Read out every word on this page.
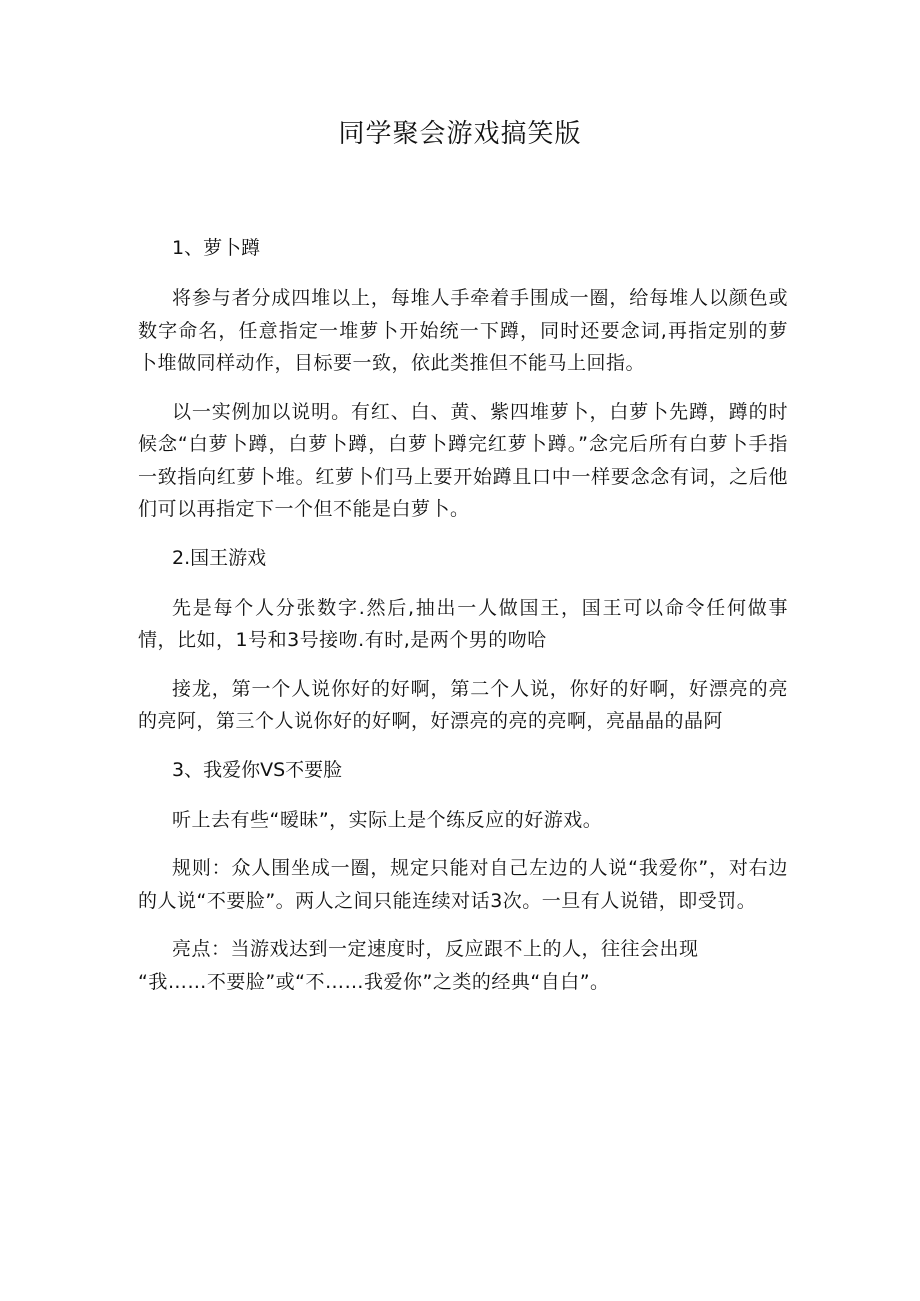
同学聚会游戏搞笑版
1、萝卜蹲

将参与者分成四堆以上，每堆人手牵着手围成一圈，给每堆人以颜色或数字命名，任意指定一堆萝卜开始统一下蹲，同时还要念词,再指定别的萝卜堆做同样动作，目标要一致，依此类推但不能马上回指。

以一实例加以说明。有红、白、黄、紫四堆萝卜，白萝卜先蹲，蹲的时候念“白萝卜蹲，白萝卜蹲，白萝卜蹲完红萝卜蹲。”念完后所有白萝卜手指一致指向红萝卜堆。红萝卜们马上要开始蹲且口中一样要念念有词，之后他们可以再指定下一个但不能是白萝卜。

2.国王游戏

先是每个人分张数字.然后,抽出一人做国王，国王可以命令任何做事情，比如，1号和3号接吻.有时,是两个男的吻哈

接龙，第一个人说你好的好啊，第二个人说，你好的好啊，好漂亮的亮的亮阿，第三个人说你好的好啊，好漂亮的亮的亮啊，亮晶晶的晶阿

3、我爱你VS不要脸

听上去有些“暧昧”，实际上是个练反应的好游戏。

规则：众人围坐成一圈，规定只能对自己左边的人说“我爱你”，对右边的人说“不要脸”。两人之间只能连续对话3次。一旦有人说错，即受罚。

亮点：当游戏达到一定速度时，反应跟不上的人，往往会出现
“我……不要脸”或“不……我爱你”之类的经典“自白”。
